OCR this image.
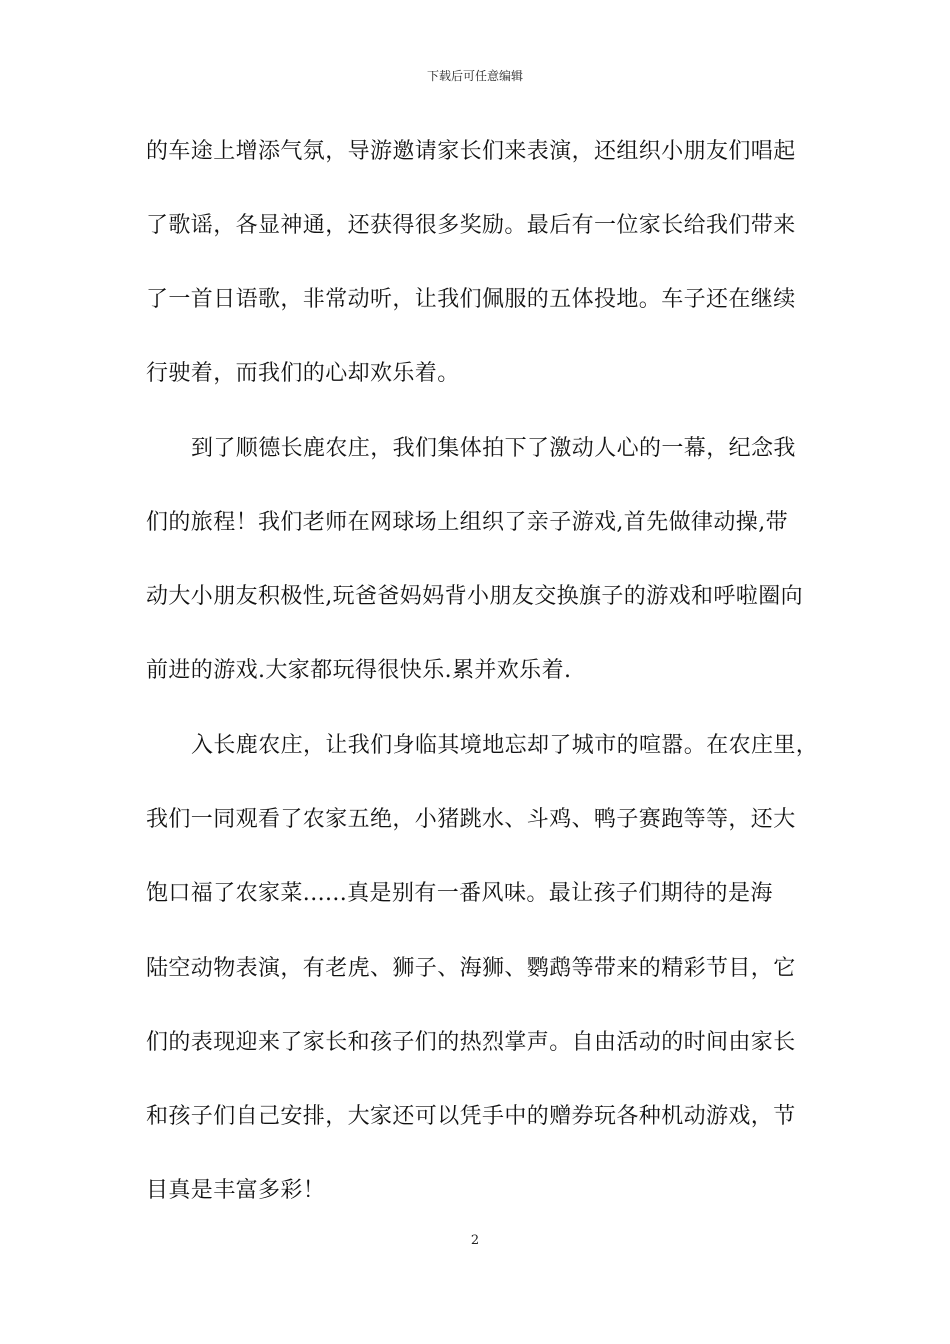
下载后可任意编辑
的车途上增添气氛，导游邀请家长们来表演，还组织小朋友们唱起
了歌谣，各显神通，还获得很多奖励。最后有一位家长给我们带来
了一首日语歌，非常动听，让我们佩服的五体投地。车子还在继续
行驶着，而我们的心却欢乐着。
到了顺德长鹿农庄，我们集体拍下了激动人心的一幕，纪念我
们的旅程！我们老师在网球场上组织了亲子游戏,首先做律动操,带
动大小朋友积极性,玩爸爸妈妈背小朋友交换旗子的游戏和呼啦圈向
前进的游戏.大家都玩得很快乐.累并欢乐着.
入长鹿农庄，让我们身临其境地忘却了城市的喧嚣。在农庄里，
我们一同观看了农家五绝，小猪跳水、斗鸡、鸭子赛跑等等，还大
饱口福了农家菜......真是别有一番风味。最让孩子们期待的是海
陆空动物表演，有老虎、狮子、海狮、鹦鹉等带来的精彩节目，它
们的表现迎来了家长和孩子们的热烈掌声。自由活动的时间由家长
和孩子们自己安排，大家还可以凭手中的赠券玩各种机动游戏，节
目真是丰富多彩！
2
